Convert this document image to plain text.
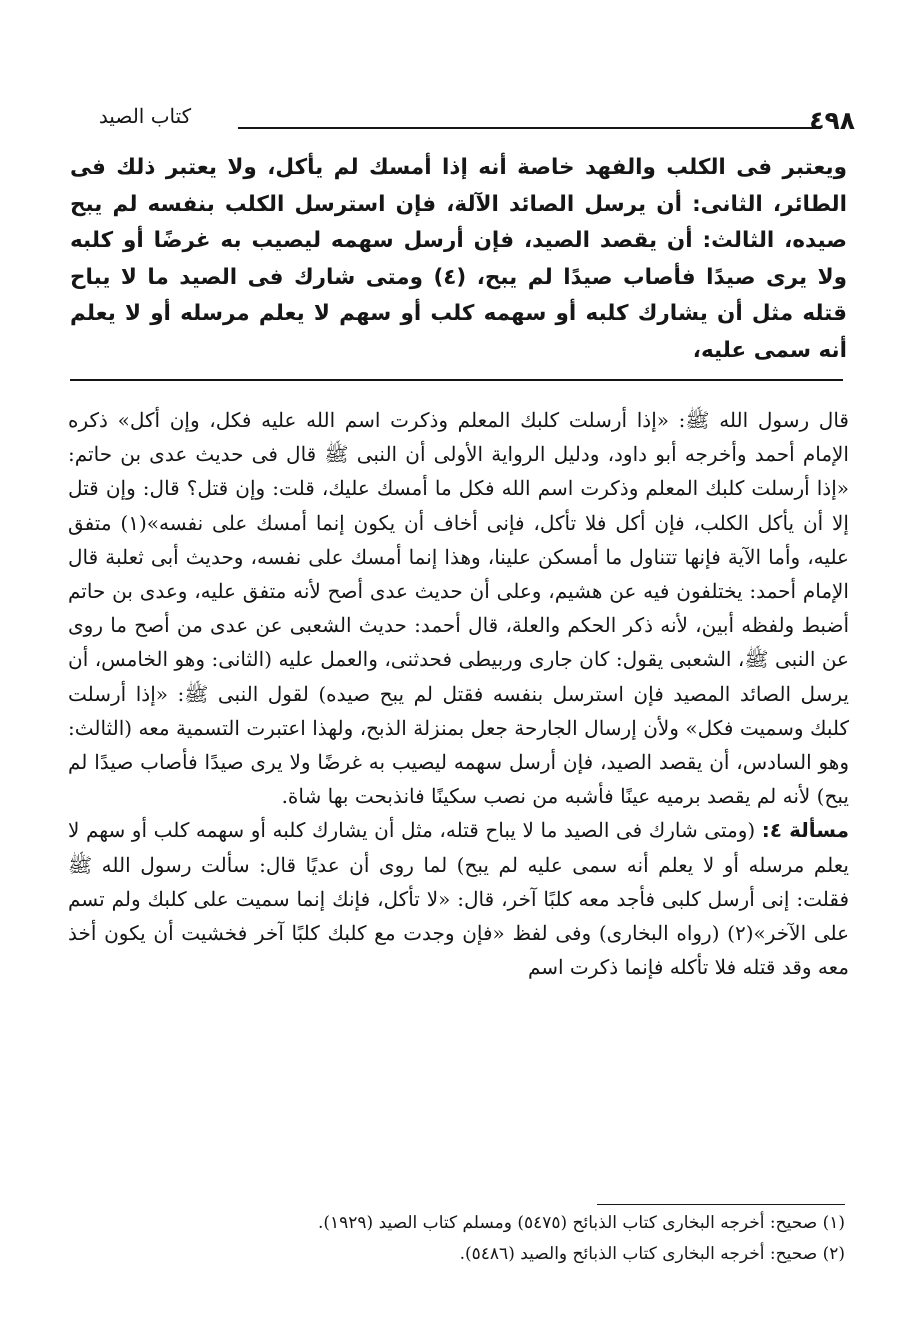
٤٩٨
كتاب الصيد

ويعتبر فى الكلب والفهد خاصة أنه إذا أمسك لم يأكل، ولا يعتبر ذلك فى الطائر، الثانى: أن يرسل الصائد الآلة، فإن استرسل الكلب بنفسه لم يبح صيده، الثالث: أن يقصد الصيد، فإن أرسل سهمه ليصيب به غرضًا أو كلبه ولا يرى صيدًا فأصاب صيدًا لم يبح، (٤) ومتى شارك فى الصيد ما لا يباح قتله مثل أن يشارك كلبه أو سهمه كلب أو سهم لا يعلم مرسله أو لا يعلم أنه سمى عليه،

قال رسول الله ﷺ: «إذا أرسلت كلبك المعلم وذكرت اسم الله عليه فكل، وإن أكل» ذكره الإمام أحمد وأخرجه أبو داود، ودليل الرواية الأولى أن النبى ﷺ قال فى حديث عدى بن حاتم: «إذا أرسلت كلبك المعلم وذكرت اسم الله فكل ما أمسك عليك، قلت: وإن قتل؟ قال: وإن قتل إلا أن يأكل الكلب، فإن أكل فلا تأكل، فإنى أخاف أن يكون إنما أمسك على نفسه»(١) متفق عليه، وأما الآية فإنها تتناول ما أمسكن علينا، وهذا إنما أمسك على نفسه، وحديث أبى ثعلبة قال الإمام أحمد: يختلفون فيه عن هشيم، وعلى أن حديث عدى أصح لأنه متفق عليه، وعدى بن حاتم أضبط ولفظه أبين، لأنه ذكر الحكم والعلة، قال أحمد: حديث الشعبى عن عدى من أصح ما روى عن النبى ﷺ، الشعبى يقول: كان جارى وربيطى فحدثنى، والعمل عليه (الثانى: وهو الخامس، أن يرسل الصائد المصيد فإن استرسل بنفسه فقتل لم يبح صيده) لقول النبى ﷺ: «إذا أرسلت كلبك وسميت فكل» ولأن إرسال الجارحة جعل بمنزلة الذبح، ولهذا اعتبرت التسمية معه (الثالث: وهو السادس، أن يقصد الصيد، فإن أرسل سهمه ليصيب به غرضًا ولا يرى صيدًا فأصاب صيدًا لم يبح) لأنه لم يقصد برميه عينًا فأشبه من نصب سكينًا فانذبحت بها شاة.

مسألة ٤: (ومتى شارك فى الصيد ما لا يباح قتله، مثل أن يشارك كلبه أو سهمه كلب أو سهم لا يعلم مرسله أو لا يعلم أنه سمى عليه لم يبح) لما روى أن عديًا قال: سألت رسول الله ﷺ فقلت: إنى أرسل كلبى فأجد معه كلبًا آخر، قال: «لا تأكل، فإنك إنما سميت على كلبك ولم تسم على الآخر»(٢) (رواه البخارى) وفى لفظ «فإن وجدت مع كلبك كلبًا آخر فخشيت أن يكون أخذ معه وقد قتله فلا تأكله فإنما ذكرت اسم

(١) صحيح: أخرجه البخارى كتاب الذبائح (٥٤٧٥) ومسلم كتاب الصيد (١٩٢٩).

(٢) صحيح: أخرجه البخارى كتاب الذبائح والصيد (٥٤٨٦).
